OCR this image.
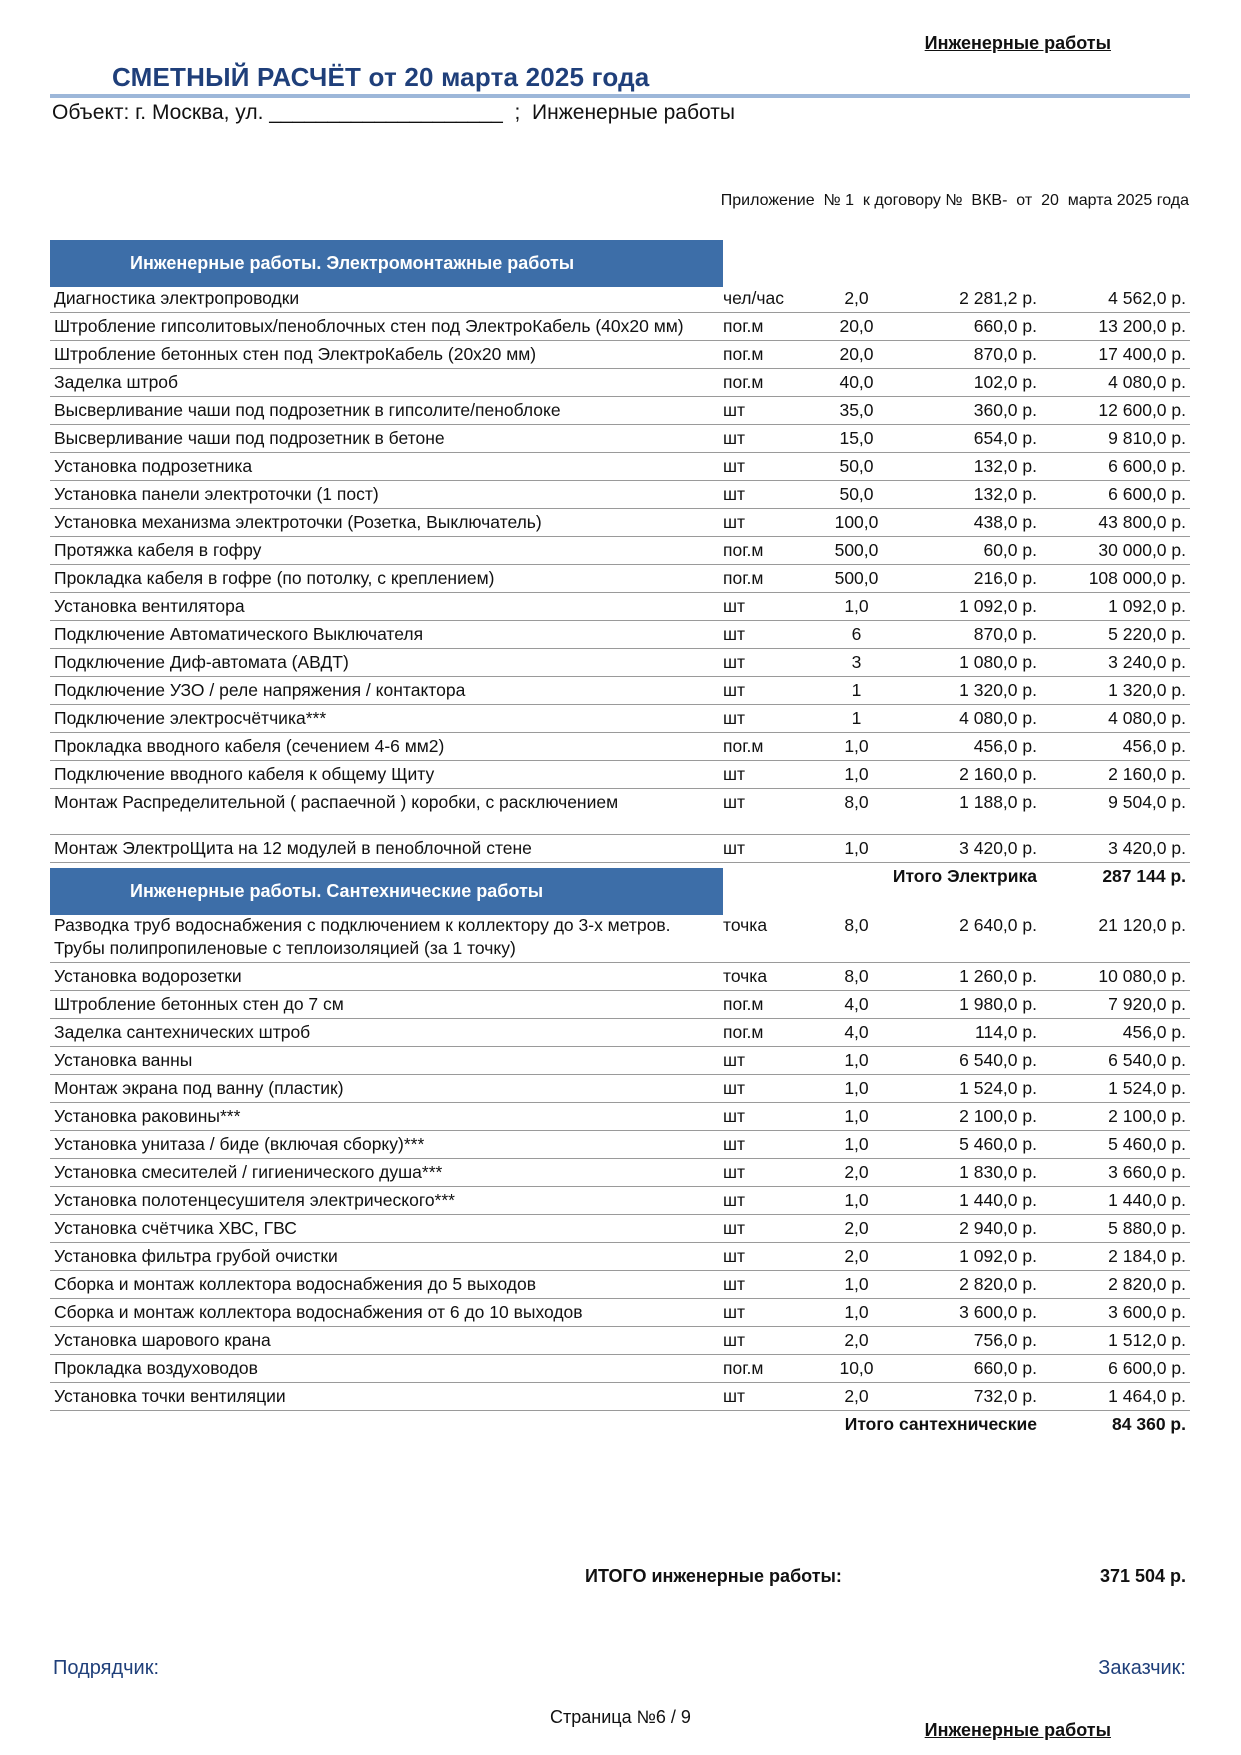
Инженерные работы
СМЕТНЫЙ РАСЧЁТ от 20 марта 2025 года
Объект: г. Москва, ул. ____________________  ;  Инженерные работы
Приложение  № 1  к договору №  ВКВ-  от  20  марта 2025 года
Инженерные работы. Электромонтажные работы
Диагностика электропроводки	чел/час	2,0	2 281,2 р.	4 562,0 р.
Штробление гипсолитовых/пеноблочных стен под ЭлектроКабель (40х20 мм)	пог.м	20,0	660,0 р.	13 200,0 р.
Штробление бетонных стен под ЭлектроКабель (20х20 мм)	пог.м	20,0	870,0 р.	17 400,0 р.
Заделка штроб	пог.м	40,0	102,0 р.	4 080,0 р.
Высверливание чаши под подрозетник в гипсолите/пеноблоке	шт	35,0	360,0 р.	12 600,0 р.
Высверливание чаши под подрозетник в бетоне	шт	15,0	654,0 р.	9 810,0 р.
Установка подрозетника	шт	50,0	132,0 р.	6 600,0 р.
Установка панели электроточки (1 пост)	шт	50,0	132,0 р.	6 600,0 р.
Установка механизма электроточки (Розетка, Выключатель)	шт	100,0	438,0 р.	43 800,0 р.
Протяжка кабеля в гофру	пог.м	500,0	60,0 р.	30 000,0 р.
Прокладка кабеля в гофре (по потолку, с креплением)	пог.м	500,0	216,0 р.	108 000,0 р.
Установка вентилятора	шт	1,0	1 092,0 р.	1 092,0 р.
Подключение Автоматического Выключателя	шт	6	870,0 р.	5 220,0 р.
Подключение Диф-автомата (АВДТ)	шт	3	1 080,0 р.	3 240,0 р.
Подключение УЗО / реле напряжения / контактора	шт	1	1 320,0 р.	1 320,0 р.
Подключение электросчётчика***	шт	1	4 080,0 р.	4 080,0 р.
Прокладка вводного кабеля (сечением 4-6 мм2)	пог.м	1,0	456,0 р.	456,0 р.
Подключение вводного кабеля к общему Щиту	шт	1,0	2 160,0 р.	2 160,0 р.
Монтаж Распределительной ( распаечной ) коробки, с расключением	шт	8,0	1 188,0 р.	9 504,0 р.
Монтаж ЭлектроЩита на 12 модулей в пеноблочной стене	шт	1,0	3 420,0 р.	3 420,0 р.
		Итого Электрика		287 144 р.
Инженерные работы. Сантехнические работы
Разводка труб водоснабжения с подключением к коллектору до 3-х метров. Трубы полипропиленовые с теплоизоляцией (за 1 точку)	точка	8,0	2 640,0 р.	21 120,0 р.
Установка водорозетки	точка	8,0	1 260,0 р.	10 080,0 р.
Штробление бетонных стен до 7 см	пог.м	4,0	1 980,0 р.	7 920,0 р.
Заделка сантехнических штроб	пог.м	4,0	114,0 р.	456,0 р.
Установка ванны	шт	1,0	6 540,0 р.	6 540,0 р.
Монтаж экрана под ванну (пластик)	шт	1,0	1 524,0 р.	1 524,0 р.
Установка раковины***	шт	1,0	2 100,0 р.	2 100,0 р.
Установка унитаза / биде (включая сборку)***	шт	1,0	5 460,0 р.	5 460,0 р.
Установка смесителей / гигиенического душа***	шт	2,0	1 830,0 р.	3 660,0 р.
Установка полотенцесушителя электрического***	шт	1,0	1 440,0 р.	1 440,0 р.
Установка счётчика ХВС, ГВС	шт	2,0	2 940,0 р.	5 880,0 р.
Установка фильтра грубой очистки	шт	2,0	1 092,0 р.	2 184,0 р.
Сборка и монтаж коллектора водоснабжения до 5 выходов	шт	1,0	2 820,0 р.	2 820,0 р.
Сборка и монтаж коллектора водоснабжения от 6 до 10 выходов	шт	1,0	3 600,0 р.	3 600,0 р.
Установка шарового крана	шт	2,0	756,0 р.	1 512,0 р.
Прокладка воздуховодов	пог.м	10,0	660,0 р.	6 600,0 р.
Установка точки вентиляции	шт	2,0	732,0 р.	1 464,0 р.
		Итого сантехнические		84 360 р.
ИТОГО инженерные работы:	371 504 р.
Подрядчик:	Заказчик:
Страница №6 / 9
Инженерные работы
